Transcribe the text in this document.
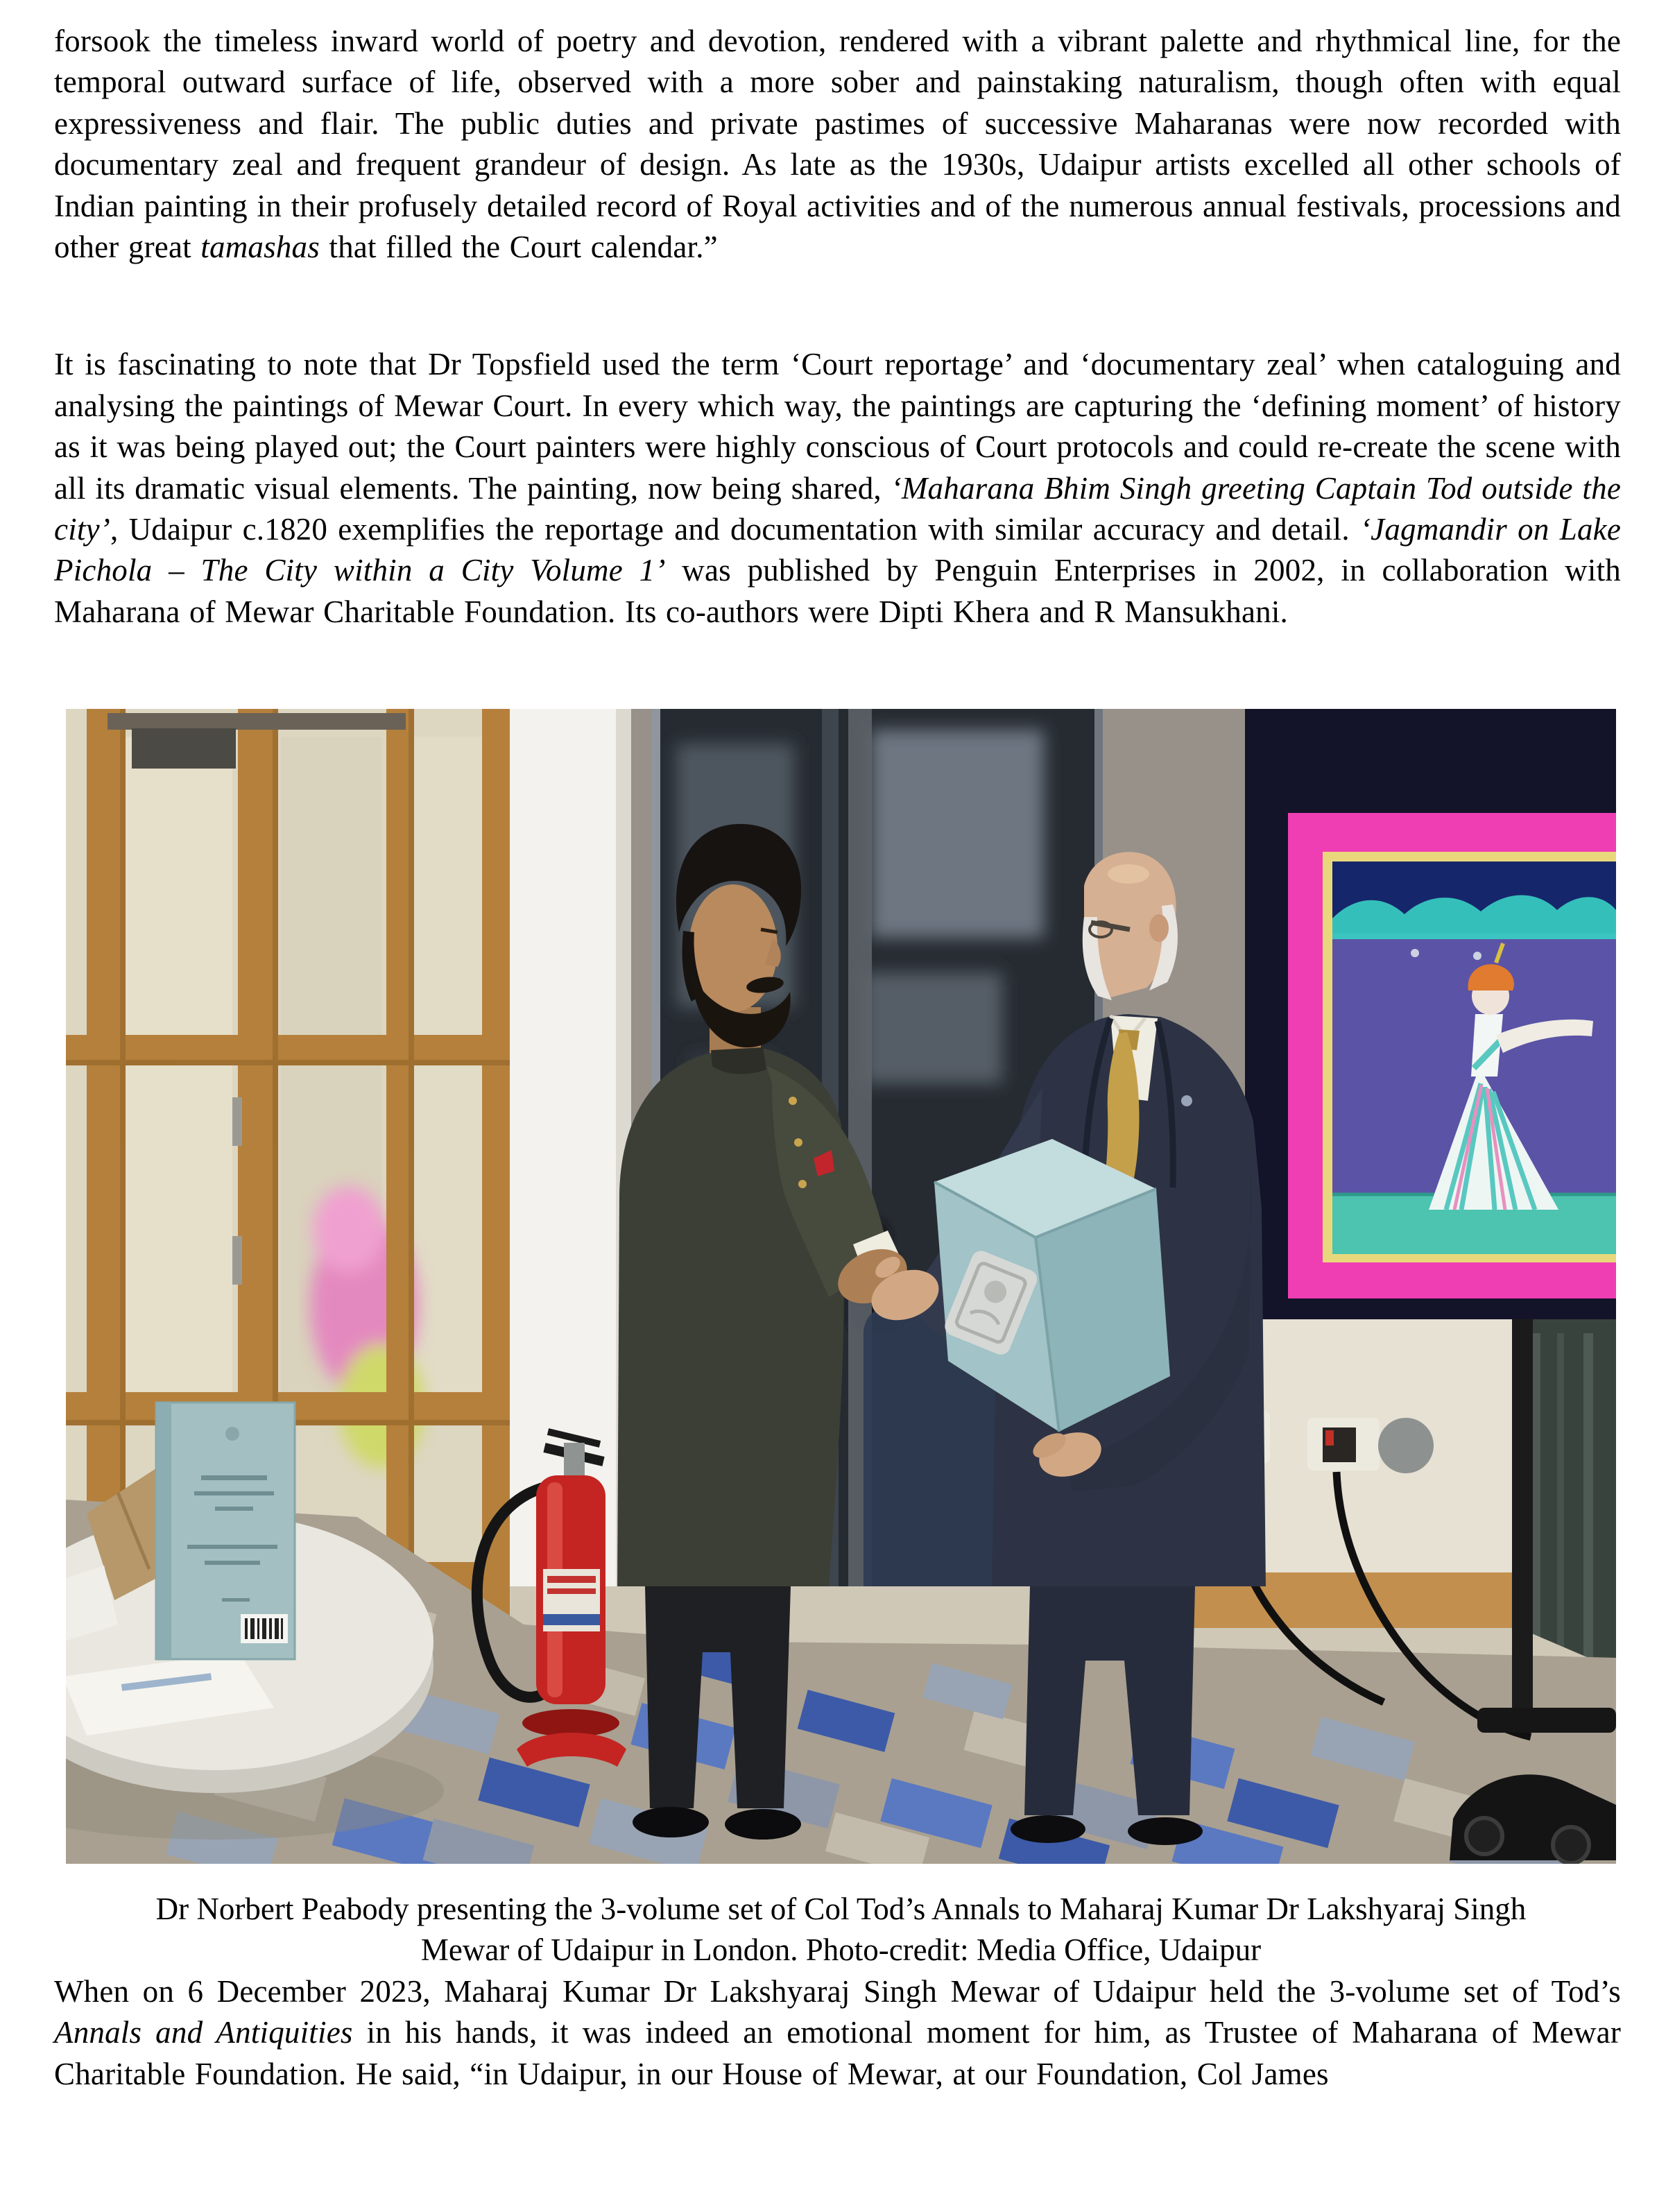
forsook the timeless inward world of poetry and devotion, rendered with a vibrant palette and rhythmical line, for the temporal outward surface of life, observed with a more sober and painstaking naturalism, though often with equal expressiveness and flair. The public duties and private pastimes of successive Maharanas were now recorded with documentary zeal and frequent grandeur of design. As late as the 1930s, Udaipur artists excelled all other schools of Indian painting in their profusely detailed record of Royal activities and of the numerous annual festivals, processions and other great tamashas that filled the Court calendar.”

It is fascinating to note that Dr Topsfield used the term ‘Court reportage’ and ‘documentary zeal’ when cataloguing and analysing the paintings of Mewar Court. In every which way, the paintings are capturing the ‘defining moment’ of history as it was being played out; the Court painters were highly conscious of Court protocols and could re-create the scene with all its dramatic visual elements. The painting, now being shared, ‘Maharana Bhim Singh greeting Captain Tod outside the city’, Udaipur c.1820 exemplifies the reportage and documentation with similar accuracy and detail. ‘Jagmandir on Lake Pichola – The City within a City Volume 1’ was published by Penguin Enterprises in 2002, in collaboration with Maharana of Mewar Charitable Foundation. Its co-authors were Dipti Khera and R Mansukhani.

Dr Norbert Peabody presenting the 3-volume set of Col Tod’s Annals to Maharaj Kumar Dr Lakshyaraj Singh Mewar of Udaipur in London. Photo-credit: Media Office, Udaipur

When on 6 December 2023, Maharaj Kumar Dr Lakshyaraj Singh Mewar of Udaipur held the 3-volume set of Tod’s Annals and Antiquities in his hands, it was indeed an emotional moment for him, as Trustee of Maharana of Mewar Charitable Foundation. He said, “in Udaipur, in our House of Mewar, at our Foundation, Col James
